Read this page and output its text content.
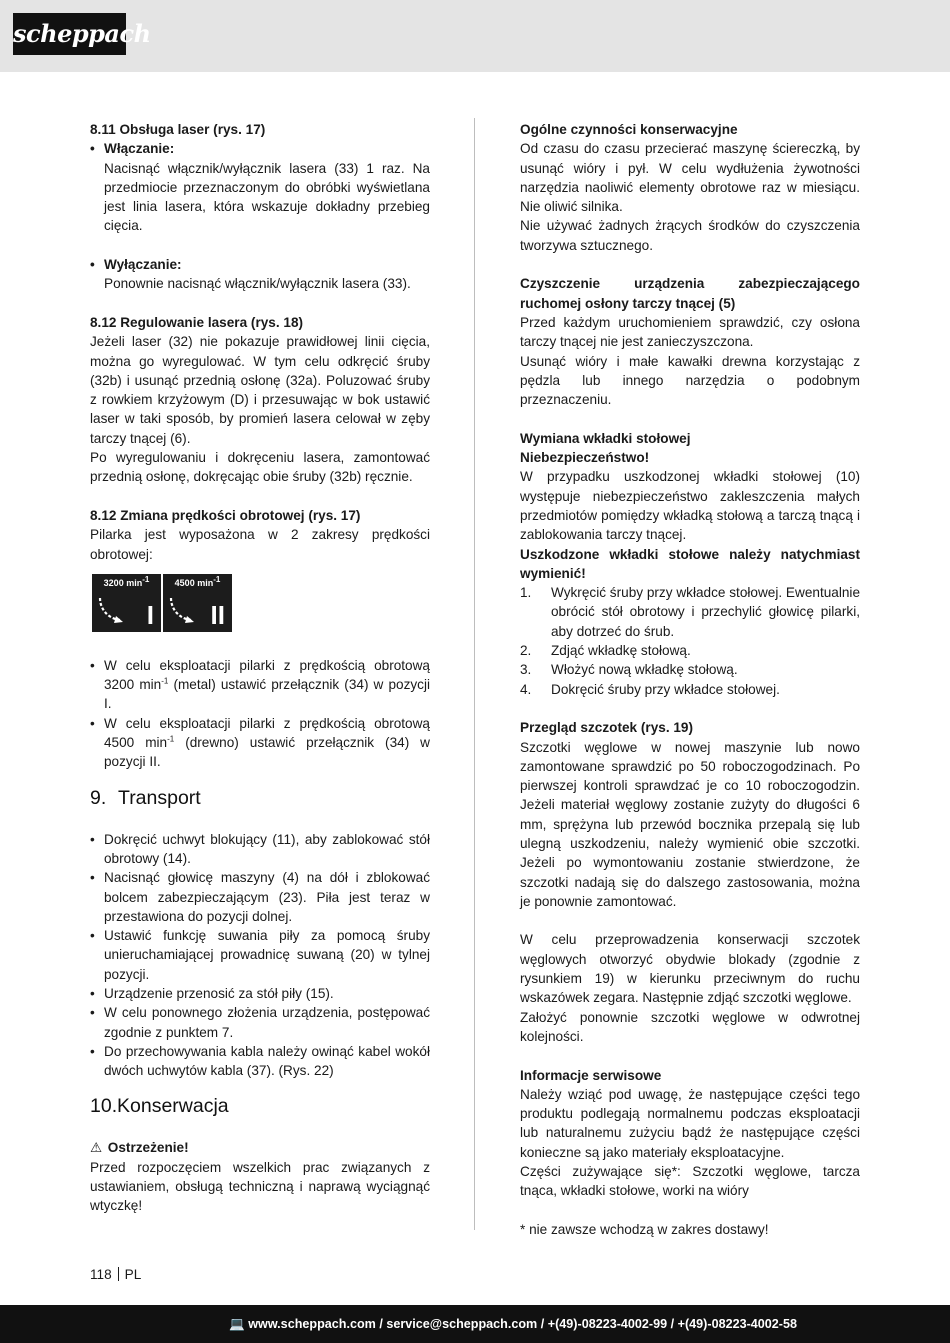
scheppach
8.11 Obsługa laser (rys. 17)
• Włączanie:
Nacisnąć włącznik/wyłącznik lasera (33) 1 raz. Na przedmiocie przeznaczonym do obróbki wyświetlana jest linia lasera, która wskazuje dokładny przebieg cięcia.
• Wyłączanie:
Ponownie nacisnąć włącznik/wyłącznik lasera (33).
8.12 Regulowanie lasera (rys. 18)
Jeżeli laser (32) nie pokazuje prawidłowej linii cięcia, można go wyregulować. W tym celu odkręcić śruby (32b) i usunąć przednią osłonę (32a). Poluzować śruby z rowkiem krzyżowym (D) i przesuwając w bok ustawić laser w taki sposób, by promień lasera celował w zęby tarczy tnącej (6).
Po wyregulowaniu i dokręceniu lasera, zamontować przednią osłonę, dokręcając obie śruby (32b) ręcznie.
8.12 Zmiana prędkości obrotowej (rys. 17)
Pilarka jest wyposażona w 2 zakresy prędkości obrotowej:
3200 $\min^{-1}$
I
4500 $\min^{-1}$
II
• W celu eksploatacji pilarki z prędkością obrotową 3200 $\min^{-1}$ (metal) ustawić przełącznik (34) w pozycji I.
• W celu eksploatacji pilarki z prędkością obrotową 4500 $\min^{-1}$ (drewno) ustawić przełącznik (34) w pozycji II.
9. Transport
• Dokręcić uchwyt blokujący (11), aby zablokować stół obrotowy (14).
• Nacisnąć głowicę maszyny (4) na dół i zblokować bolcem zabezpieczającym (23). Piła jest teraz w przestawiona do pozycji dolnej.
• Ustawić funkcję suwania piły za pomocą śruby unieruchamiającej prowadnicę suwaną (20) w tylnej pozycji.
• Urządzenie przenosić za stół piły (15).
• W celu ponownego złożenia urządzenia, postępować zgodnie z punktem 7.
• Do przechowywania kabla należy owinąć kabel wokół dwóch uchwytów kabla (37). (Rys. 22)
10. Konserwacja
⚠ Ostrzeżenie!
Przed rozpoczęciem wszelkich prac związanych z ustawianiem, obsługą techniczną i naprawą wyciągnąć wtyczkę!
Ogólne czynności konserwacyjne
Od czasu do czasu przecierać maszynę ściereczką, by usunąć wióry i pył. W celu wydłużenia żywotności narzędzia naoliwić elementy obrotowe raz w miesiącu. Nie oliwić silnika.
Nie używać żadnych żrących środków do czyszczenia tworzywa sztucznego.
Czyszczenie urządzenia zabezpieczającego ruchomej osłony tarczy tnącej (5)
Przed każdym uruchomieniem sprawdzić, czy osłona tarczy tnącej nie jest zanieczyszczona.
Usunąć wióry i małe kawałki drewna korzystając z pędzla lub innego narzędzia o podobnym przeznaczeniu.
Wymiana wkładki stołowej
Niebezpieczeństwo!
W przypadku uszkodzonej wkładki stołowej (10) występuje niebezpieczeństwo zakleszczenia małych przedmiotów pomiędzy wkładką stołową a tarczą tnącą i zablokowania tarczy tnącej.
Uszkodzone wkładki stołowe należy natychmiast wymienić!
1. Wykręcić śruby przy wkładce stołowej. Ewentualnie obrócić stół obrotowy i przechylić głowicę pilarki, aby dotrzeć do śrub.
2. Zdjąć wkładkę stołową.
3. Włożyć nową wkładkę stołową.
4. Dokręcić śruby przy wkładce stołowej.
Przegląd szczotek (rys. 19)
Szczotki węglowe w nowej maszynie lub nowo zamontowane sprawdzić po 50 roboczogodzinach. Po pierwszej kontroli sprawdzać je co 10 roboczogodzin. Jeżeli materiał węglowy zostanie zużyty do długości 6 mm, sprężyna lub przewód bocznika przepalą się lub ulegną uszkodzeniu, należy wymienić obie szczotki. Jeżeli po wymontowaniu zostanie stwierdzone, że szczotki nadają się do dalszego zastosowania, można je ponownie zamontować.
W celu przeprowadzenia konserwacji szczotek węglowych otworzyć obydwie blokady (zgodnie z rysunkiem 19) w kierunku przeciwnym do ruchu wskazówek zegara. Następnie zdjąć szczotki węglowe.
Założyć ponownie szczotki węglowe w odwrotnej kolejności.
Informacje serwisowe
Należy wziąć pod uwagę, że następujące części tego produktu podlegają normalnemu podczas eksploatacji lub naturalnemu zużyciu bądź że następujące części konieczne są jako materiały eksploatacyjne.
Części zużywające się*: Szczotki węglowe, tarcza tnąca, wkładki stołowe, worki na wióry
* nie zawsze wchodzą w zakres dostawy!
118 PL
💻 www.scheppach.com / service@scheppach.com / +(49)-08223-4002-99 / +(49)-08223-4002-58
